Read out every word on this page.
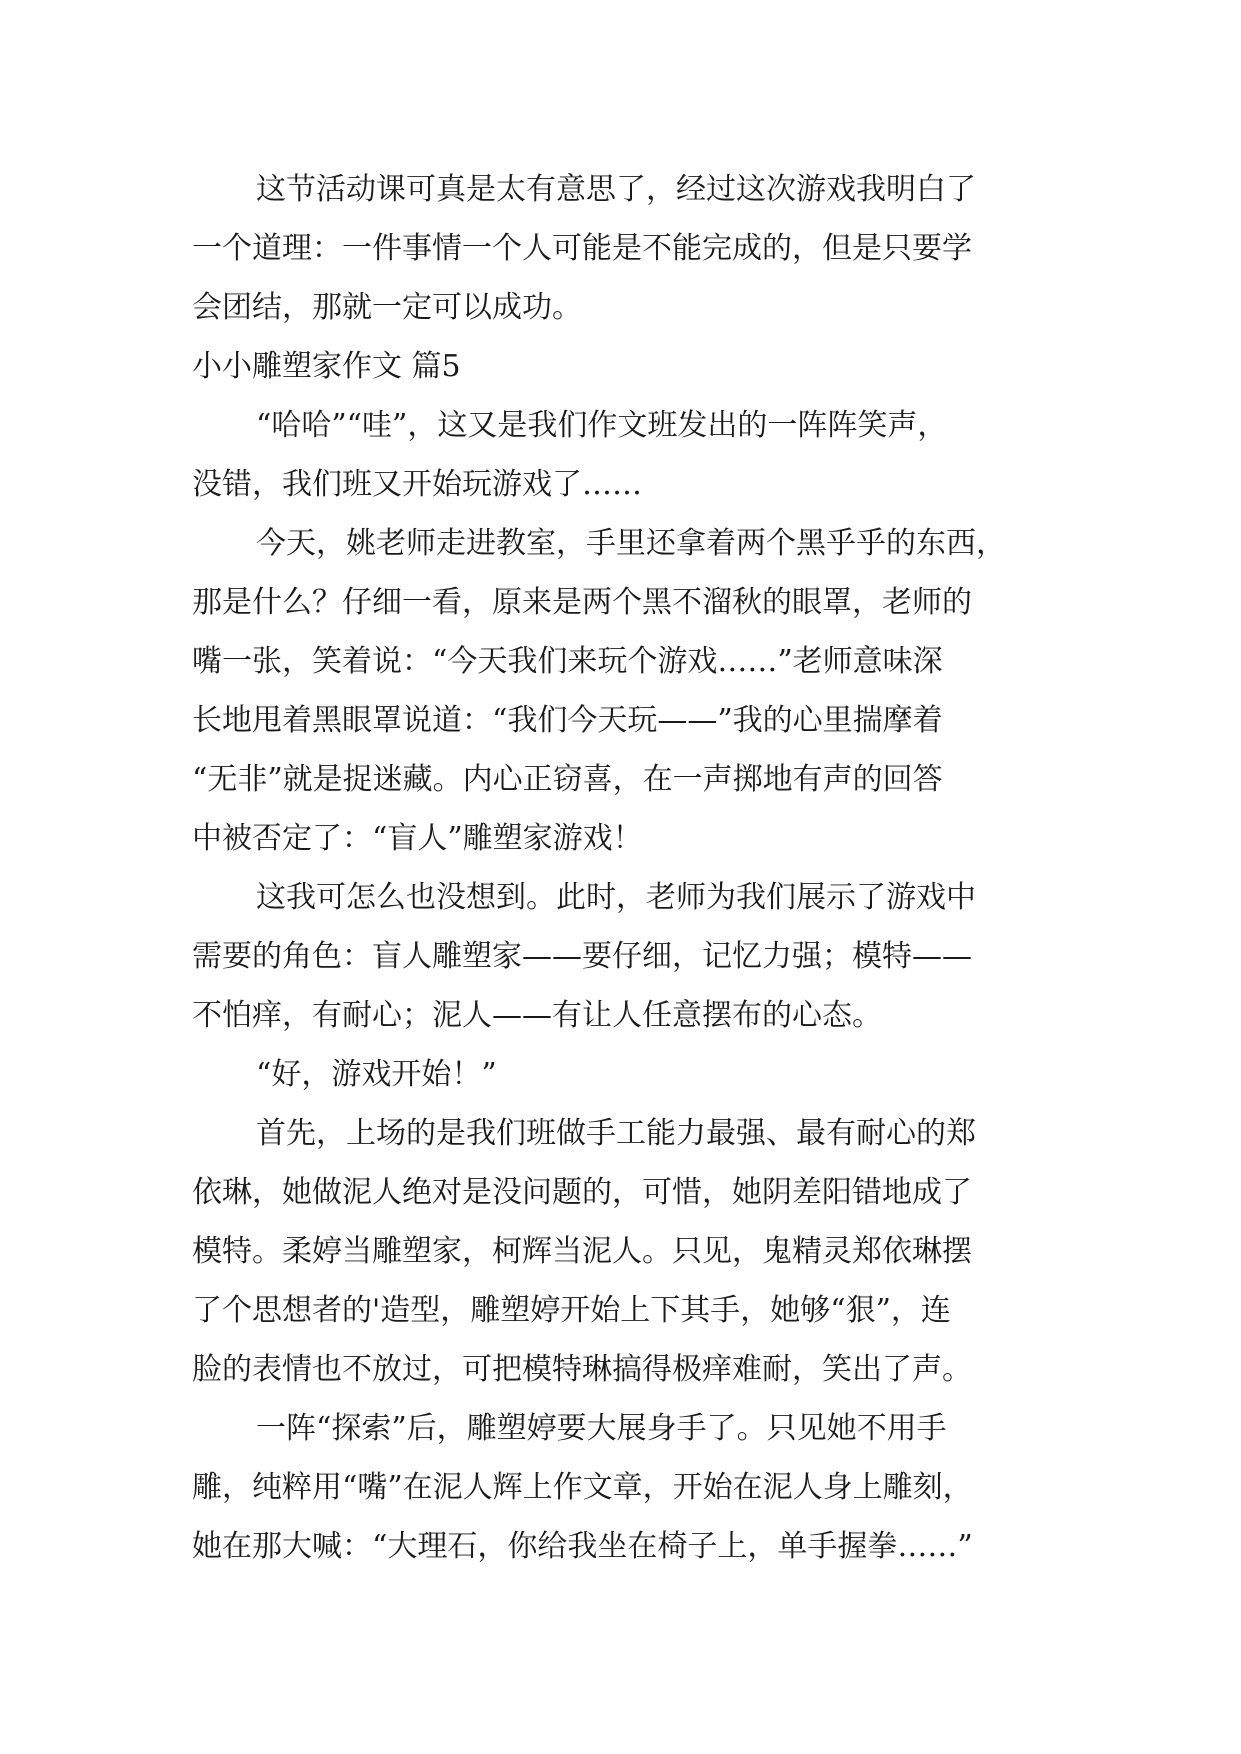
这节活动课可真是太有意思了，经过这次游戏我明白了
一个道理：一件事情一个人可能是不能完成的，但是只要学
会团结，那就一定可以成功。
小小雕塑家作文 篇5
“哈哈”“哇”，这又是我们作文班发出的一阵阵笑声，
没错，我们班又开始玩游戏了……
今天，姚老师走进教室，手里还拿着两个黑乎乎的东西，
那是什么？仔细一看，原来是两个黑不溜秋的眼罩，老师的
嘴一张，笑着说：“今天我们来玩个游戏……”老师意味深
长地甩着黑眼罩说道：“我们今天玩——”我的心里揣摩着
“无非”就是捉迷藏。内心正窃喜，在一声掷地有声的回答
中被否定了：“盲人”雕塑家游戏！
这我可怎么也没想到。此时，老师为我们展示了游戏中
需要的角色：盲人雕塑家——要仔细，记忆力强；模特——
不怕痒，有耐心；泥人——有让人任意摆布的心态。
“好，游戏开始！”
首先，上场的是我们班做手工能力最强、最有耐心的郑
依琳，她做泥人绝对是没问题的，可惜，她阴差阳错地成了
模特。柔婷当雕塑家，柯辉当泥人。只见，鬼精灵郑依琳摆
了个思想者的'造型，雕塑婷开始上下其手，她够“狠”，连
脸的表情也不放过，可把模特琳搞得极痒难耐，笑出了声。
一阵“探索”后，雕塑婷要大展身手了。只见她不用手
雕，纯粹用“嘴”在泥人辉上作文章，开始在泥人身上雕刻，
她在那大喊：“大理石，你给我坐在椅子上，单手握拳……”
